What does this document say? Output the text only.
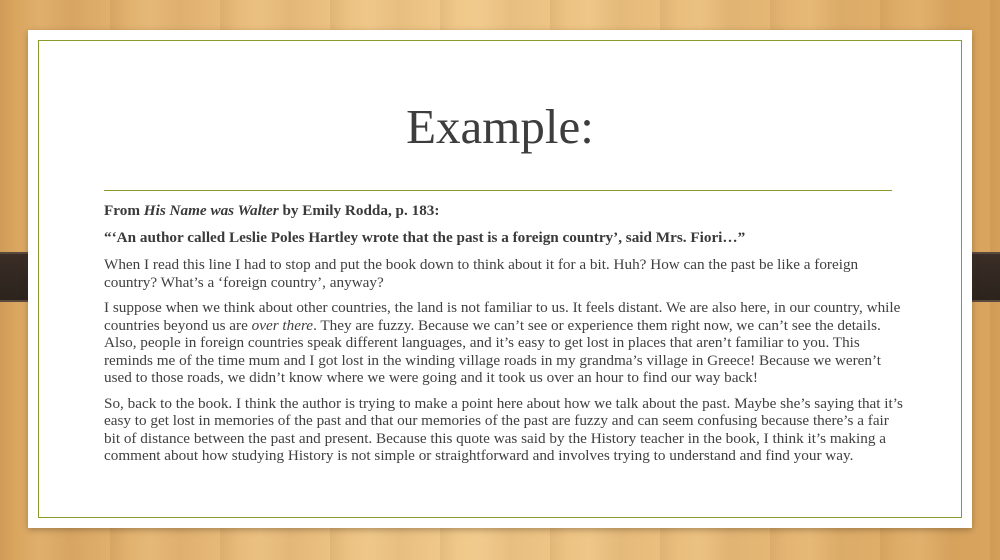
Example:

From His Name was Walter by Emily Rodda, p. 183:

“‘An author called Leslie Poles Hartley wrote that the past is a foreign country’, said Mrs. Fiori…”

When I read this line I had to stop and put the book down to think about it for a bit. Huh? How can the past be like a foreign country? What’s a ‘foreign country’, anyway?

I suppose when we think about other countries, the land is not familiar to us. It feels distant. We are also here, in our country, while countries beyond us are over there. They are fuzzy. Because we can’t see or experience them right now, we can’t see the details. Also, people in foreign countries speak different languages, and it’s easy to get lost in places that aren’t familiar to you. This reminds me of the time mum and I got lost in the winding village roads in my grandma’s village in Greece! Because we weren’t used to those roads, we didn’t know where we were going and it took us over an hour to find our way back!

So, back to the book. I think the author is trying to make a point here about how we talk about the past. Maybe she’s saying that it’s easy to get lost in memories of the past and that our memories of the past are fuzzy and can seem confusing because there’s a fair bit of distance between the past and present. Because this quote was said by the History teacher in the book, I think it’s making a comment about how studying History is not simple or straightforward and involves trying to understand and find your way.
